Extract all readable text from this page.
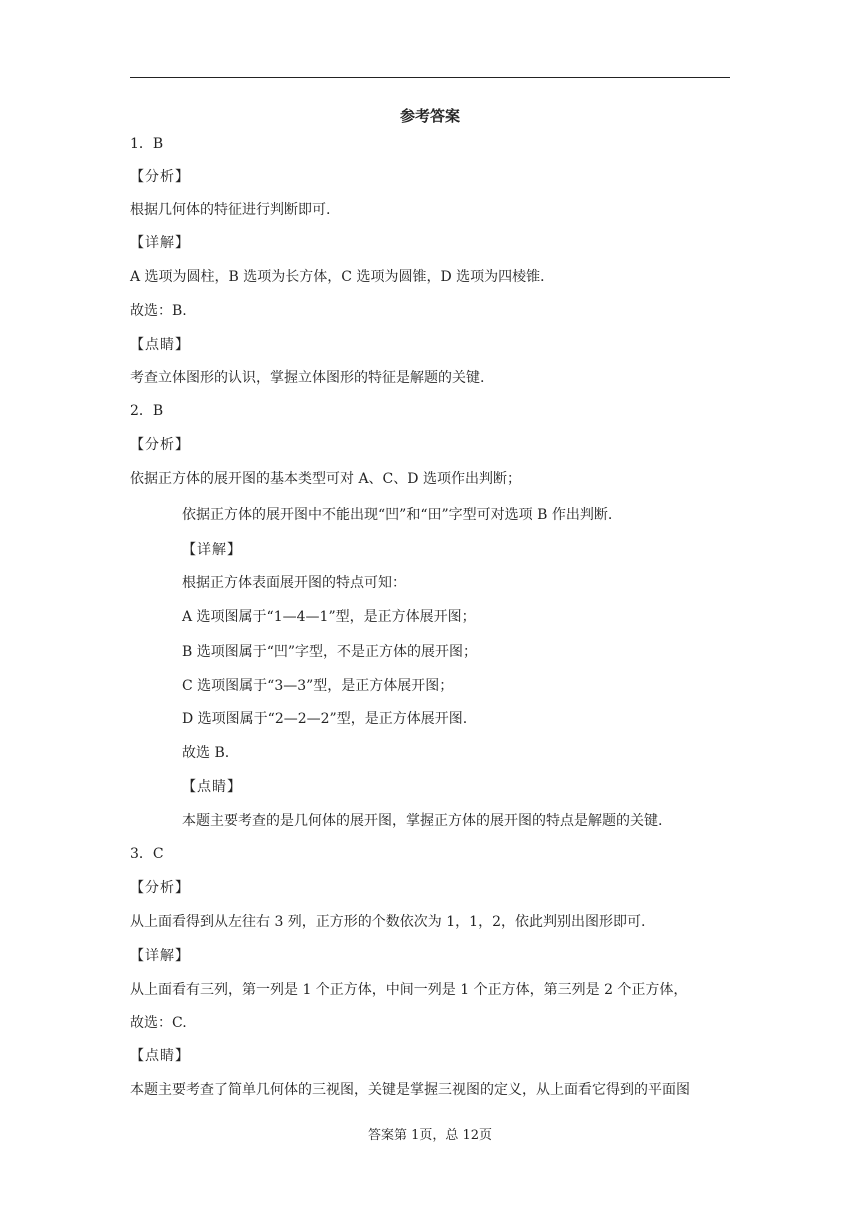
参考答案
1．B
【分析】
根据几何体的特征进行判断即可.
【详解】
A 选项为圆柱，B 选项为长方体，C 选项为圆锥，D 选项为四棱锥．
故选：B.
【点睛】
考查立体图形的认识，掌握立体图形的特征是解题的关键.
2．B
【分析】
依据正方体的展开图的基本类型可对 A、C、D 选项作出判断；
依据正方体的展开图中不能出现“凹”和“田”字型可对选项 B 作出判断.
【详解】
根据正方体表面展开图的特点可知：
A 选项图属于“1—4—1”型，是正方体展开图；
B 选项图属于“凹”字型，不是正方体的展开图；
C 选项图属于“3—3”型，是正方体展开图；
D 选项图属于“2—2—2”型，是正方体展开图.
故选 B.
【点睛】
本题主要考查的是几何体的展开图，掌握正方体的展开图的特点是解题的关键.
3．C
【分析】
从上面看得到从左往右 3 列，正方形的个数依次为 1，1，2，依此判别出图形即可.
【详解】
从上面看有三列，第一列是 1 个正方体，中间一列是 1 个正方体，第三列是 2 个正方体，
故选：C.
【点睛】
本题主要考查了简单几何体的三视图，关键是掌握三视图的定义，从上面看它得到的平面图
答案第 1页，总 12页
